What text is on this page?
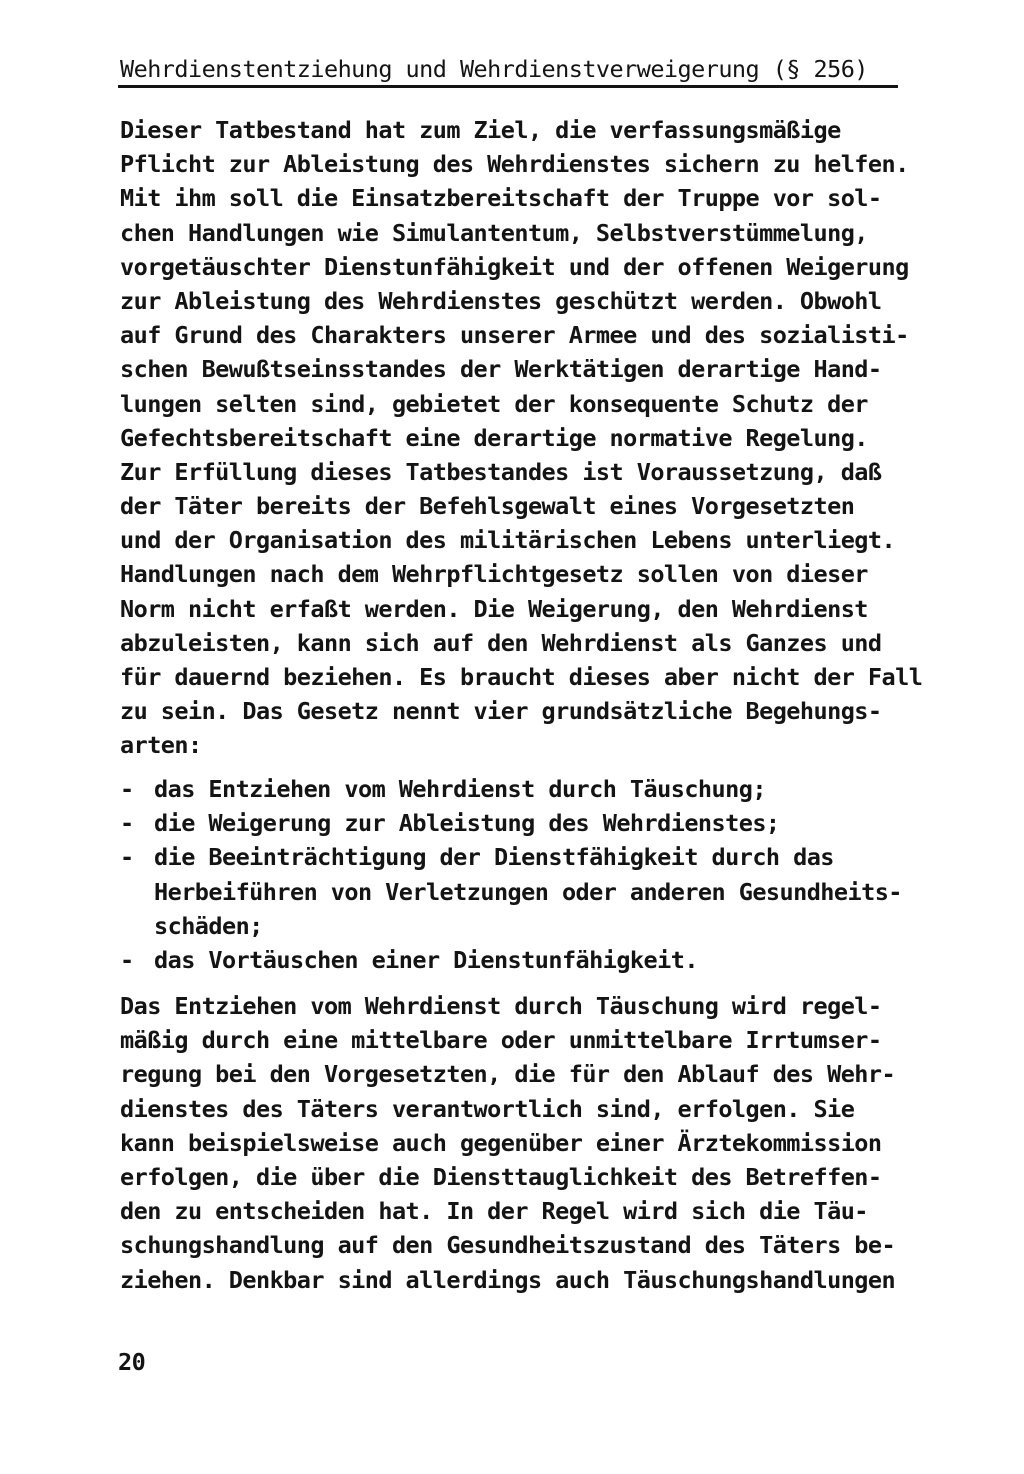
Wehrdienstentziehung und Wehrdienstverweigerung (§ 256)
Dieser Tatbestand hat zum Ziel, die verfassungsmäßige
Pflicht zur Ableistung des Wehrdienstes sichern zu helfen.
Mit ihm soll die Einsatzbereitschaft der Truppe vor sol-
chen Handlungen wie Simulantentum, Selbstverstümmelung,
vorgetäuschter Dienstunfähigkeit und der offenen Weigerung
zur Ableistung des Wehrdienstes geschützt werden. Obwohl
auf Grund des Charakters unserer Armee und des sozialisti-
schen Bewußtseinsstandes der Werktätigen derartige Hand-
lungen selten sind, gebietet der konsequente Schutz der
Gefechtsbereitschaft eine derartige normative Regelung.
Zur Erfüllung dieses Tatbestandes ist Voraussetzung, daß
der Täter bereits der Befehlsgewalt eines Vorgesetzten
und der Organisation des militärischen Lebens unterliegt.
Handlungen nach dem Wehrpflichtgesetz sollen von dieser
Norm nicht erfaßt werden. Die Weigerung, den Wehrdienst
abzuleisten, kann sich auf den Wehrdienst als Ganzes und
für dauernd beziehen. Es braucht dieses aber nicht der Fall
zu sein. Das Gesetz nennt vier grundsätzliche Begehungs-
arten:
- das Entziehen vom Wehrdienst durch Täuschung;
- die Weigerung zur Ableistung des Wehrdienstes;
- die Beeinträchtigung der Dienstfähigkeit durch das
Herbeiführen von Verletzungen oder anderen Gesundheits-
schäden;
- das Vortäuschen einer Dienstunfähigkeit.
Das Entziehen vom Wehrdienst durch Täuschung wird regel-
mäßig durch eine mittelbare oder unmittelbare Irrtumser-
regung bei den Vorgesetzten, die für den Ablauf des Wehr-
dienstes des Täters verantwortlich sind, erfolgen. Sie
kann beispielsweise auch gegenüber einer Ärztekommission
erfolgen, die über die Diensttauglichkeit des Betreffen-
den zu entscheiden hat. In der Regel wird sich die Täu-
schungshandlung auf den Gesundheitszustand des Täters be-
ziehen. Denkbar sind allerdings auch Täuschungshandlungen
20
